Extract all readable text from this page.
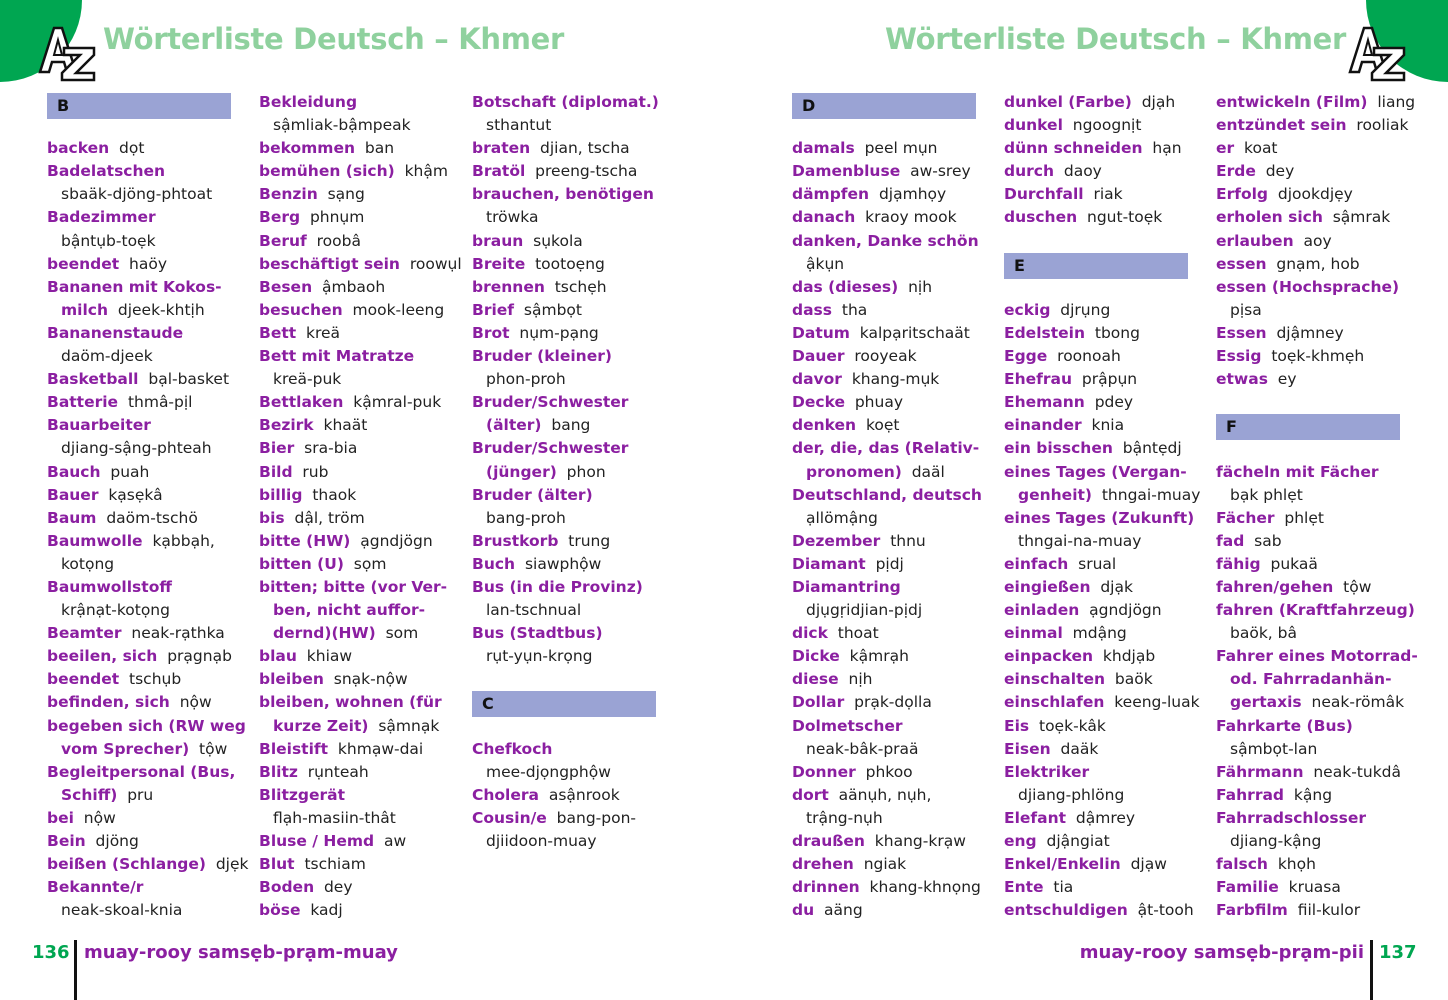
Wörterliste Deutsch – Khmer	Wörterliste Deutsch – Khmer
B
C
D
E
F
backen dọt
Badelatschen
sbaäk-djöng-phtoat
Badezimmer
bậntụb-toẹk
beendet haöy
Bananen mit Kokos-
milch djeek-khtịh
Bananenstaude
daöm-djeek
Basketball bạl-basket
Batterie thmâ-pịl
Bauarbeiter
djiang-sậng-phteah
Bauch puah
Bauer kạsẹkâ
Baum daöm-tschö
Baumwolle kạbbạh,
kotọng
Baumwollstoff
krậnạt-kotọng
Beamter neak-rạthka
beeilen, sich prạgnạb
beendet tschụb
befinden, sich nộw
begeben sich (RW weg
vom Sprecher) tộw
Begleitpersonal (Bus,
Schiff) pru
bei nộw
Bein djöng
beißen (Schlange) djẹk
Bekannte/r
neak-skoal-knia
Bekleidung
sậmliak-bậmpeak
bekommen ban
bemühen (sich) khậm
Benzin sạng
Berg phnụm
Beruf roobâ
beschäftigt sein roowụl
Besen ậmbaoh
besuchen mook-leeng
Bett kreä
Bett mit Matratze
kreä-puk
Bettlaken kậmral-puk
Bezirk khaät
Bier sra-bia
Bild rub
billig thaok
bis dậl, tröm
bitte (HW) ạgndjögn
bitten (U) sọm
bitten; bitte (vor Ver-
ben, nicht auffor-
dernd)(HW) som
blau khiaw
bleiben snạk-nộw
bleiben, wohnen (für
kurze Zeit) sậmnạk
Bleistift khmạw-dai
Blitz rụnteah
Blitzgerät
flạh-masiin-thât
Bluse / Hemd aw
Blut tschiam
Boden dey
böse kadj
Botschaft (diplomat.)
sthantut
braten djian, tscha
Bratöl preeng-tscha
brauchen, benötigen
tröwka
braun sụkola
Breite tootoẹng
brennen tschẹh
Brief sậmbọt
Brot nụm-pạng
Bruder (kleiner)
phon-proh
Bruder/Schwester
(älter) bang
Bruder/Schwester
(jünger) phon
Bruder (älter)
bang-proh
Brustkorb trung
Buch siawphộw
Bus (in die Provinz)
lan-tschnual
Bus (Stadtbus)
rụt-yụn-krọng
Chefkoch
mee-djọngphộw
Cholera asậnrook
Cousin/e bang-pon-
djiidoon-muay
damals peel mụn
Damenbluse aw-srey
dämpfen djạmhọy
danach kraoy mook
danken, Danke schön
ậkụn
das (dieses) nịh
dass tha
Datum kalpạritschaät
Dauer rooyeak
davor khang-mụk
Decke phuay
denken koẹt
der, die, das (Relativ-
pronomen) daäl
Deutschland, deutsch
ạllömậng
Dezember thnu
Diamant pịdj
Diamantring
djụgṛidjian-pịdj
dick thoat
Dicke kậmrạh
diese nịh
Dollar prạk-dọlla
Dolmetscher
neak-bâk-praä
Donner phkoo
dort aänụh, nụh,
trậng-nụh
draußen khang-krạw
drehen ngiak
drinnen khang-khnọng
du aäng
dunkel (Farbe) djạh
dunkel ngoognịt
dünn schneiden hạn
durch daoy
Durchfall riak
duschen ngut-toẹk
eckig djrụng
Edelstein tbong
Egge roonoah
Ehefrau prậpụn
Ehemann pdey
einander knia
ein bisschen bậntẹdj
eines Tages (Vergan-
genheit) thngai-muay
eines Tages (Zukunft)
thngai-na-muay
einfach srual
eingießen djạk
einladen ạgndjögn
einmal mdậng
einpacken khdjạb
einschalten baök
einschlafen keeng-luak
Eis toẹk-kâk
Eisen daäk
Elektriker
djiang-phlöng
Elefant dậmrey
eng djậngiat
Enkel/Enkelin djạw
Ente tia
entschuldigen ật-tooh
entwickeln (Film) liang
entzündet sein rooliak
er koat
Erde dey
Erfolg djookdjẹy
erholen sich sậmrak
erlauben aoy
essen gnạm, hob
essen (Hochsprache)
pịsa
Essen djậmney
Essig toẹk-khmẹh
etwas ey
fächeln mit Fächer
bạk phlẹt
Fächer phlẹt
fad sab
fähig pukaä
fahren/gehen tộw
fahren (Kraftfahrzeug)
baök, bâ
Fahrer eines Motorrad-
od. Fahrradanhän-
gertaxis neak-römâk
Fahrkarte (Bus)
sậmbọt-lan
Fährmann neak-tukdâ
Fahrrad kậng
Fahrradschlosser
djiang-kậng
falsch khọh
Familie kruasa
Farbfilm fiil-kulor
136 muay-rooy samsẹb-prạm-muay	muay-rooy samsẹb-prạm-pii 137
